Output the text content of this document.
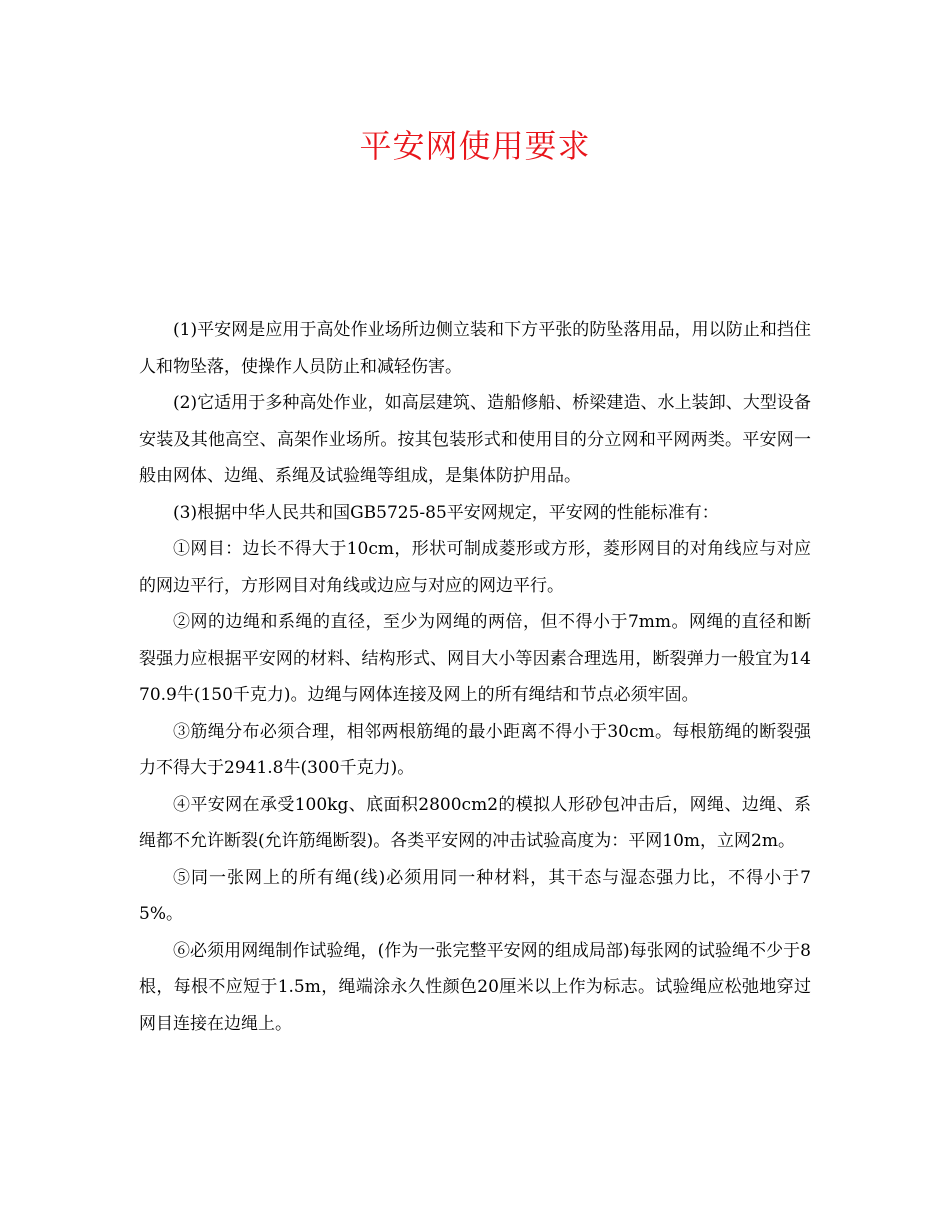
平安网使用要求

(1)平安网是应用于高处作业场所边侧立装和下方平张的防坠落用品，用以防止和挡住人和物坠落，使操作人员防止和减轻伤害。

(2)它适用于多种高处作业，如高层建筑、造船修船、桥梁建造、水上装卸、大型设备安装及其他高空、高架作业场所。按其包装形式和使用目的分立网和平网两类。平安网一般由网体、边绳、系绳及试验绳等组成，是集体防护用品。

(3)根据中华人民共和国GB5725-85平安网规定，平安网的性能标准有：

①网目：边长不得大于10cm，形状可制成菱形或方形，菱形网目的对角线应与对应的网边平行，方形网目对角线或边应与对应的网边平行。

②网的边绳和系绳的直径，至少为网绳的两倍，但不得小于7mm。网绳的直径和断裂强力应根据平安网的材料、结构形式、网目大小等因素合理选用，断裂弹力一般宜为1470.9牛(150千克力)。边绳与网体连接及网上的所有绳结和节点必须牢固。

③筋绳分布必须合理，相邻两根筋绳的最小距离不得小于30cm。每根筋绳的断裂强力不得大于2941.8牛(300千克力)。

④平安网在承受100kg、底面积2800cm2的模拟人形砂包冲击后，网绳、边绳、系绳都不允许断裂(允许筋绳断裂)。各类平安网的冲击试验高度为：平网10m，立网2m。

⑤同一张网上的所有绳(线)必须用同一种材料，其干态与湿态强力比，不得小于75%。

⑥必须用网绳制作试验绳，(作为一张完整平安网的组成局部)每张网的试验绳不少于8根，每根不应短于1.5m，绳端涂永久性颜色20厘米以上作为标志。试验绳应松弛地穿过网目连接在边绳上。
